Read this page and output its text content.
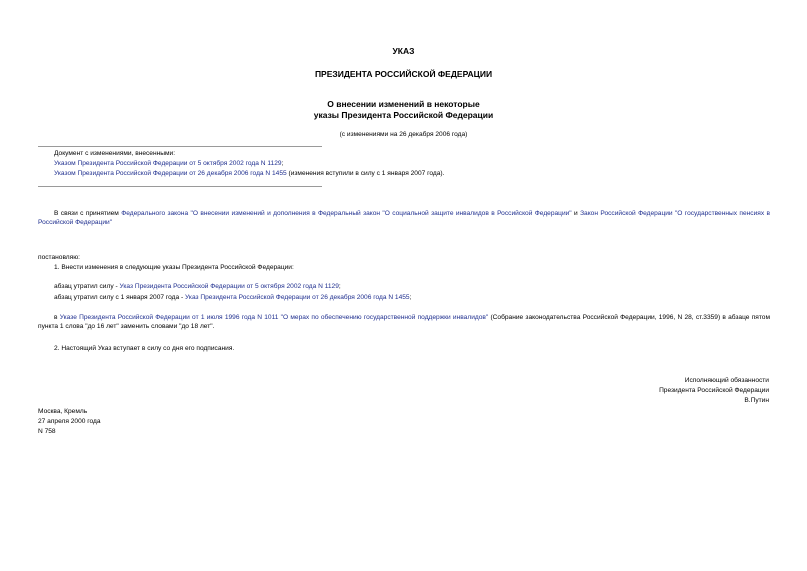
УКАЗ
ПРЕЗИДЕНТА РОССИЙСКОЙ ФЕДЕРАЦИИ
О внесении изменений в некоторые
указы Президента Российской Федерации
(с изменениями на 26 декабря 2006 года)
Документ с изменениями, внесенными:
Указом Президента Российской Федерации от 5 октября 2002 года N 1129;
Указом Президента Российской Федерации от 26 декабря 2006 года N 1455 (изменения вступили в силу с 1 января 2007 года).
В связи с принятием Федерального закона "О внесении изменений и дополнения в Федеральный закон "О социальной защите инвалидов в Российской Федерации" и Закон Российской Федерации "О государственных пенсиях в Российской Федерации"
постановляю:
1. Внести изменения в следующие указы Президента Российской Федерации:
абзац утратил силу - Указ Президента Российской Федерации от 5 октября 2002 года N 1129;
абзац утратил силу с 1 января 2007 года - Указ Президента Российской Федерации от 26 декабря 2006 года N 1455;
в Указе Президента Российской Федерации от 1 июля 1996 года N 1011 "О мерах по обеспечению государственной поддержки инвалидов" (Собрание законодательства Российской Федерации, 1996, N 28, ст.3359) в абзаце пятом пункта 1 слова "до 16 лет" заменить словами "до 18 лет".
2. Настоящий Указ вступает в силу со дня его подписания.
Исполняющий обязанности
Президента Российской Федерации
В.Путин
Москва, Кремль
27 апреля 2000 года
N 758
